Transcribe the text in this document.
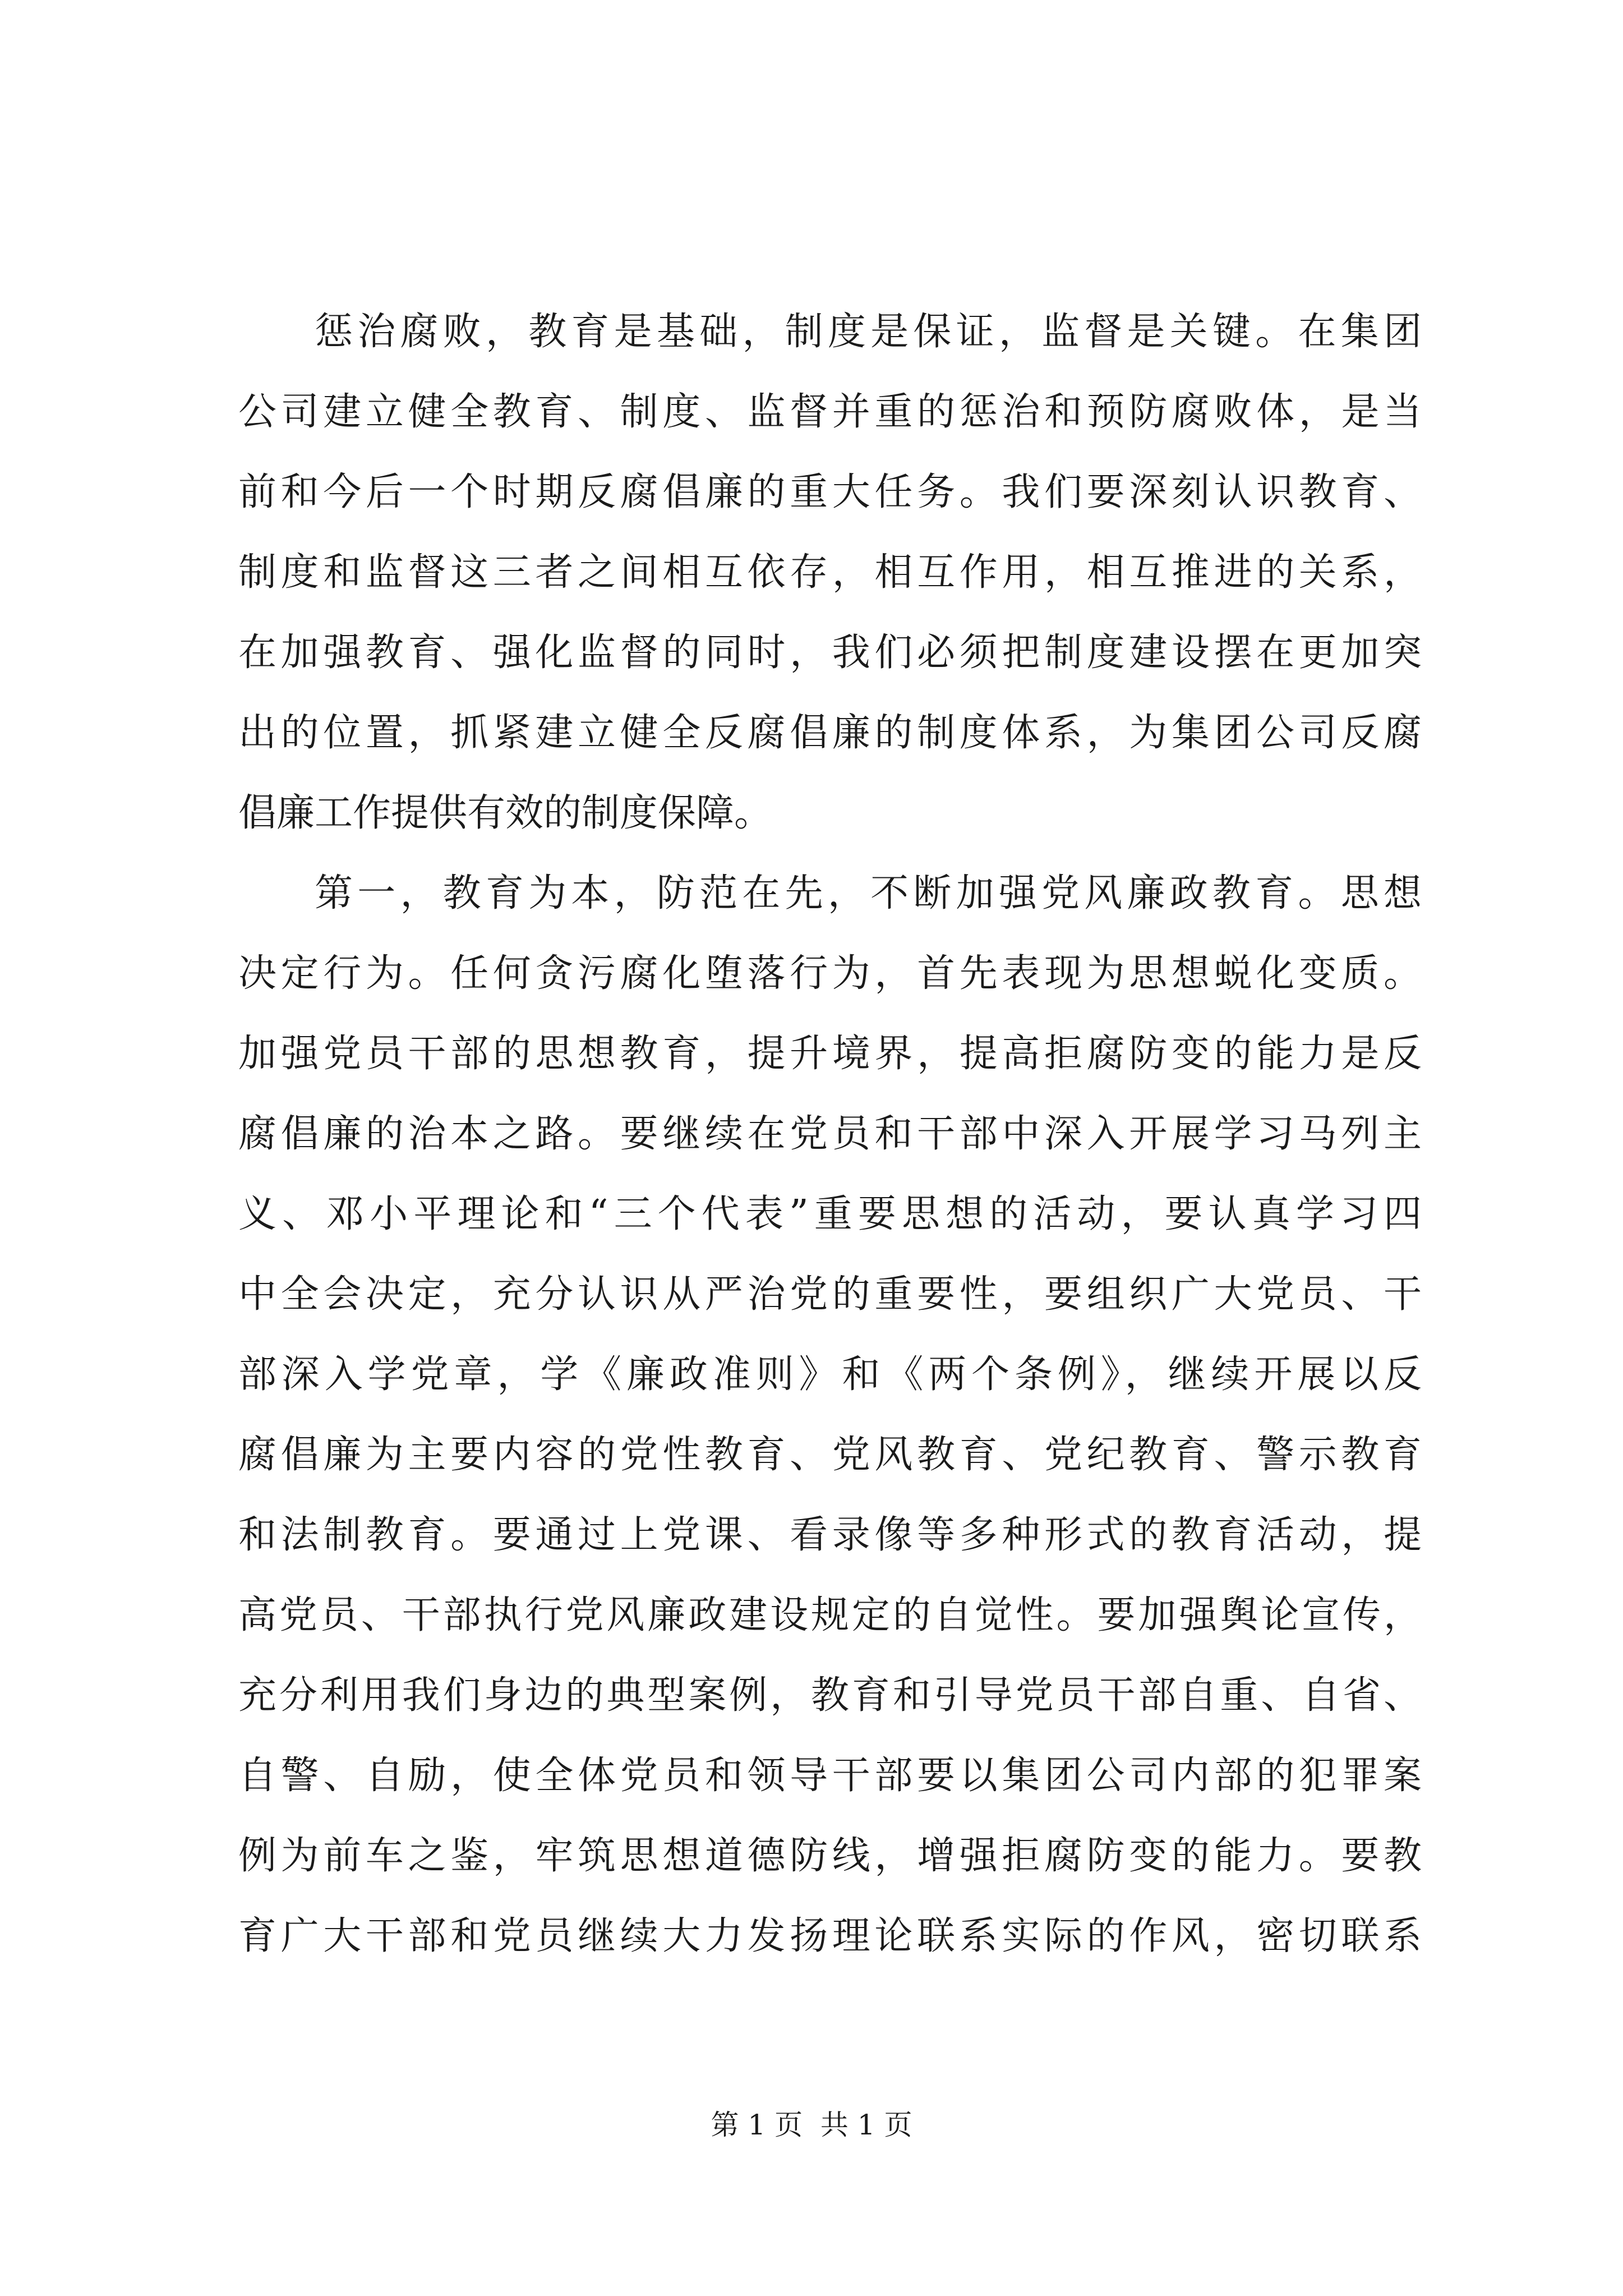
惩治腐败，教育是基础，制度是保证，监督是关键。在集团
公司建立健全教育、制度、监督并重的惩治和预防腐败体，是当
前和今后一个时期反腐倡廉的重大任务。我们要深刻认识教育、
制度和监督这三者之间相互依存，相互作用，相互推进的关系，
在加强教育、强化监督的同时，我们必须把制度建设摆在更加突
出的位置，抓紧建立健全反腐倡廉的制度体系，为集团公司反腐
倡廉工作提供有效的制度保障。
第一，教育为本，防范在先，不断加强党风廉政教育。思想
决定行为。任何贪污腐化堕落行为，首先表现为思想蜕化变质。
加强党员干部的思想教育，提升境界，提高拒腐防变的能力是反
腐倡廉的治本之路。要继续在党员和干部中深入开展学习马列主
义、邓小平理论和“三个代表”重要思想的活动，要认真学习四
中全会决定，充分认识从严治党的重要性，要组织广大党员、干
部深入学党章，学《廉政准则》和《两个条例》，继续开展以反
腐倡廉为主要内容的党性教育、党风教育、党纪教育、警示教育
和法制教育。要通过上党课、看录像等多种形式的教育活动，提
高党员、干部执行党风廉政建设规定的自觉性。要加强舆论宣传，
充分利用我们身边的典型案例，教育和引导党员干部自重、自省、
自警、自励，使全体党员和领导干部要以集团公司内部的犯罪案
例为前车之鉴，牢筑思想道德防线，增强拒腐防变的能力。要教
育广大干部和党员继续大力发扬理论联系实际的作风，密切联系
第 1 页  共 1 页
